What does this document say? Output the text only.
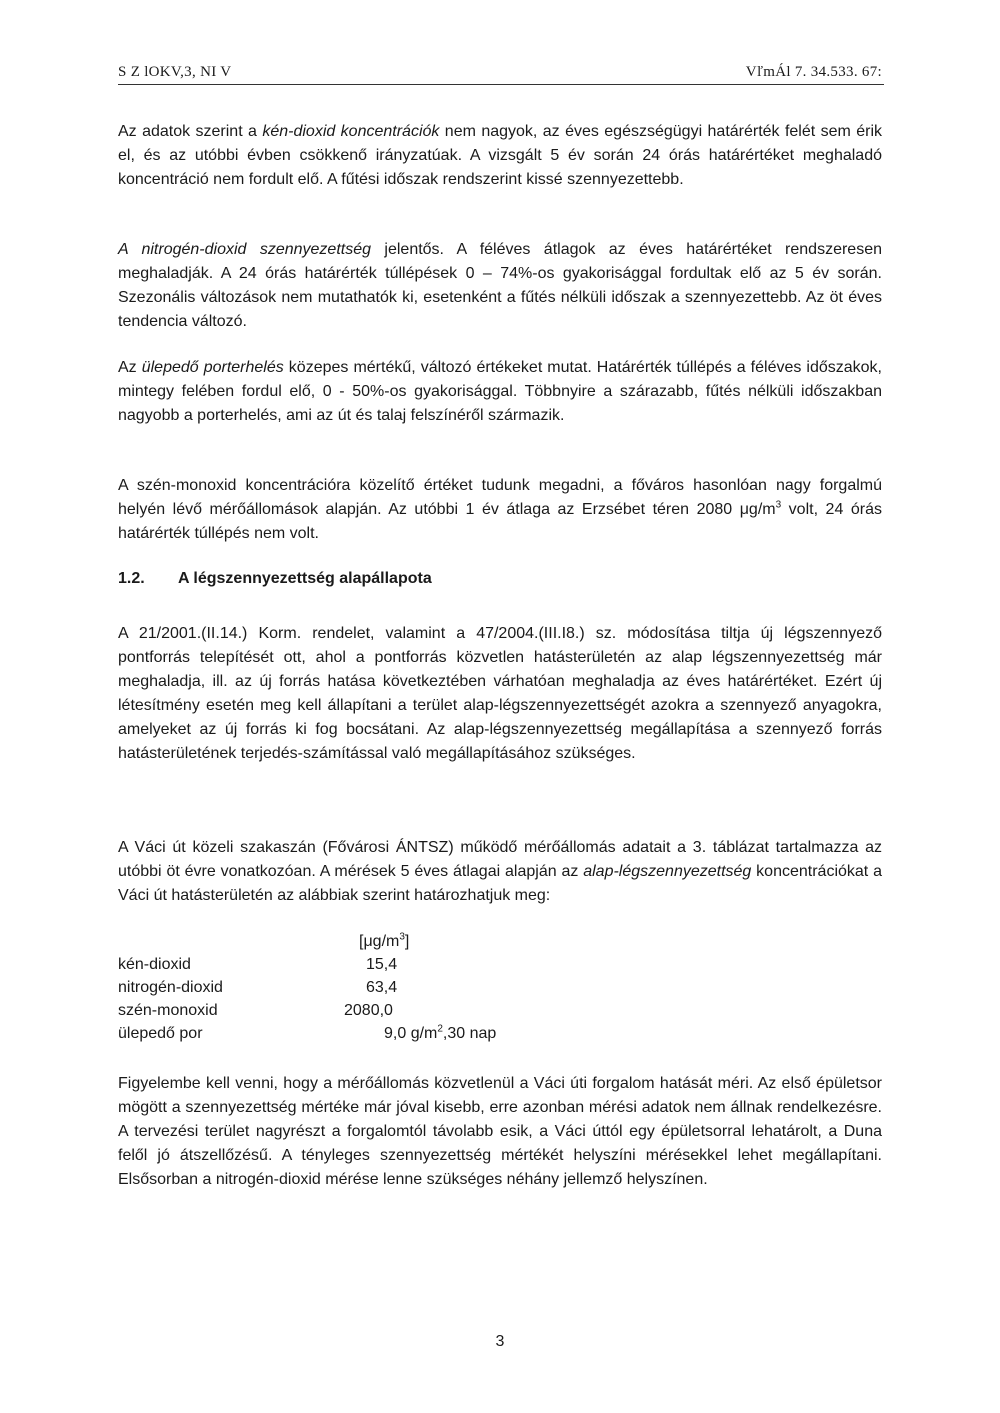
S Z lOKV,3, NI V	VľmÁl 7. 34.533. 67:

Az adatok szerint a kén-dioxid koncentrációk nem nagyok, az éves egészségügyi határérték felét sem érik el, és az utóbbi évben csökkenő irányzatúak. A vizsgált 5 év során 24 órás határértéket meghaladó koncentráció nem fordult elő. A fűtési időszak rendszerint kissé szennyezettebb.

A nitrogén-dioxid szennyezettség jelentős. A féléves átlagok az éves határértéket rendszeresen meghaladják. A 24 órás határérték túllépések 0 – 74%-os gyakorisággal fordultak elő az 5 év során. Szezonális változások nem mutathatók ki, esetenként a fűtés nélküli időszak a szennyezettebb. Az öt éves tendencia változó.

Az ülepedő porterhelés közepes mértékű, változó értékeket mutat. Határérték túllépés a féléves időszakok, mintegy felében fordul elő, 0 - 50%-os gyakorisággal. Többnyire a szárazabb, fűtés nélküli időszakban nagyobb a porterhelés, ami az út és talaj felszínéről származik.

A szén-monoxid koncentrációra közelítő értéket tudunk megadni, a főváros hasonlóan nagy forgalmú helyén lévő mérőállomások alapján. Az utóbbi 1 év átlaga az Erzsébet téren 2080 $\mu g/m^3$ volt, 24 órás határérték túllépés nem volt.

1.2. A légszennyezettség alapállapota

A 21/2001.(II.14.) Korm. rendelet, valamint a 47/2004.(III.I8.) sz. módosítása tiltja új légszennyező pontforrás telepítését ott, ahol a pontforrás közvetlen hatásterületén az alap légszennyezettség már meghaladja, ill. az új forrás hatása következtében várhatóan meghaladja az éves határértéket. Ezért új létesítmény esetén meg kell állapítani a terület alap-légszennyezettségét azokra a szennyező anyagokra, amelyeket az új forrás ki fog bocsátani. Az alap-légszennyezettség megállapítása a szennyező forrás hatásterületének terjedés-számítással való megállapításához szükséges.

A Váci út közeli szakaszán (Fővárosi ÁNTSZ) működő mérőállomás adatait a 3. táblázat tartalmazza az utóbbi öt évre vonatkozóan. A mérések 5 éves átlagai alapján az alap-légszennyezettség koncentrációkat a Váci út hatásterületén az alábbiak szerint határozhatjuk meg:

$[\mu g/m^3]$
kén-dioxid	15,4
nitrogén-dioxid	63,4
szén-monoxid	2080,0
ülepedő por	9,0 $g/m^2,30$ nap

Figyelembe kell venni, hogy a mérőállomás közvetlenül a Váci úti forgalom hatását méri. Az első épületsor mögött a szennyezettség mértéke már jóval kisebb, erre azonban mérési adatok nem állnak rendelkezésre. A tervezési terület nagyrészt a forgalomtól távolabb esik, a Váci úttól egy épületsorral lehatárolt, a Duna felől jó átszellőzésű. A tényleges szennyezettség mértékét helyszíni mérésekkel lehet megállapítani. Elsősorban a nitrogén-dioxid mérése lenne szükséges néhány jellemző helyszínen.

3
